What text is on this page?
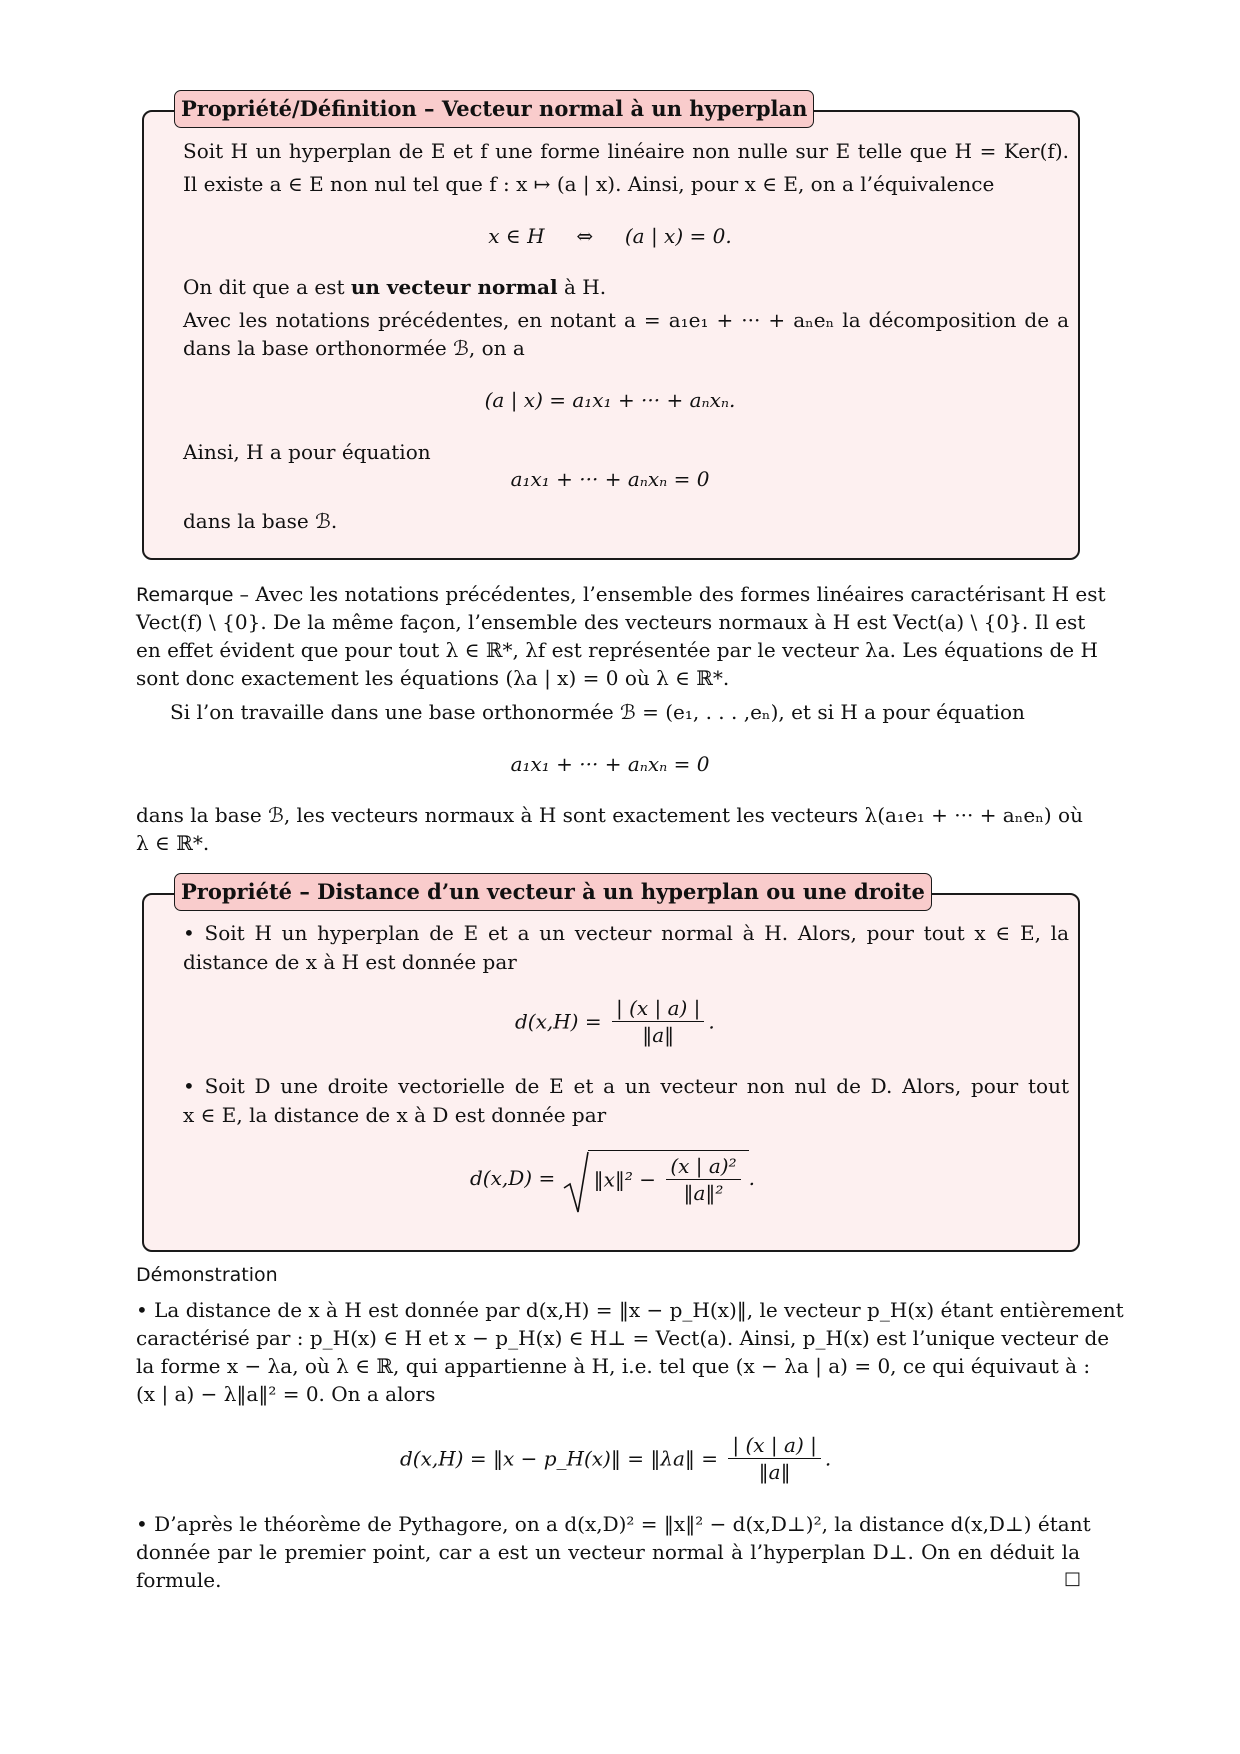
Propriété/Définition – Vecteur normal à un hyperplan
Soit H un hyperplan de E et f une forme linéaire non nulle sur E telle que H = Ker(f).
Il existe a ∈ E non nul tel que f : x ↦ (a | x). Ainsi, pour x ∈ E, on a l’équivalence
x ∈ H     ⇔     (a | x) = 0.
On dit que a est un vecteur normal à H.
Avec les notations précédentes, en notant a = a₁e₁ + ··· + aₙeₙ la décomposition de a
dans la base orthonormée ℬ, on a
(a | x) = a₁x₁ + ··· + aₙxₙ.
Ainsi, H a pour équation
a₁x₁ + ··· + aₙxₙ = 0
dans la base ℬ.
Remarque – Avec les notations précédentes, l’ensemble des formes linéaires caractérisant H est
Vect(f) \ {0}. De la même façon, l’ensemble des vecteurs normaux à H est Vect(a) \ {0}. Il est
en effet évident que pour tout λ ∈ ℝ*, λf est représentée par le vecteur λa. Les équations de H
sont donc exactement les équations (λa | x) = 0 où λ ∈ ℝ*.
Si l’on travaille dans une base orthonormée ℬ = (e₁, . . . ,eₙ), et si H a pour équation
a₁x₁ + ··· + aₙxₙ = 0
dans la base ℬ, les vecteurs normaux à H sont exactement les vecteurs λ(a₁e₁ + ··· + aₙeₙ) où
λ ∈ ℝ*.
Propriété – Distance d’un vecteur à un hyperplan ou une droite
• Soit H un hyperplan de E et a un vecteur normal à H. Alors, pour tout x ∈ E, la
distance de x à H est donnée par
$d(x,H) = \frac{| (x | a) |}{‖a‖}$ .
• Soit D une droite vectorielle de E et a un vecteur non nul de D. Alors, pour tout
x ∈ E, la distance de x à D est donnée par
d(x,D) = ‖x‖² − $\frac{\text{(x | a)²}}{\text{‖a‖²}}$ .
Démonstration
• La distance de x à H est donnée par d(x,H) = ‖x − p_H(x)‖, le vecteur p_H(x) étant entièrement
caractérisé par : p_H(x) ∈ H et x − p_H(x) ∈ H⊥ = Vect(a). Ainsi, p_H(x) est l’unique vecteur de
la forme x − λa, où λ ∈ ℝ, qui appartienne à H, i.e. tel que (x − λa | a) = 0, ce qui équivaut à :
(x | a) − λ‖a‖² = 0. On a alors
d(x,H) = ‖x − p_H(x)‖ = ‖λa‖ = $\frac{| (x | a) |}{‖a‖}$ .
• D’après le théorème de Pythagore, on a d(x,D)² = ‖x‖² − d(x,D⊥)², la distance d(x,D⊥) étant
donnée par le premier point, car a est un vecteur normal à l’hyperplan D⊥. On en déduit la
formule.	□
